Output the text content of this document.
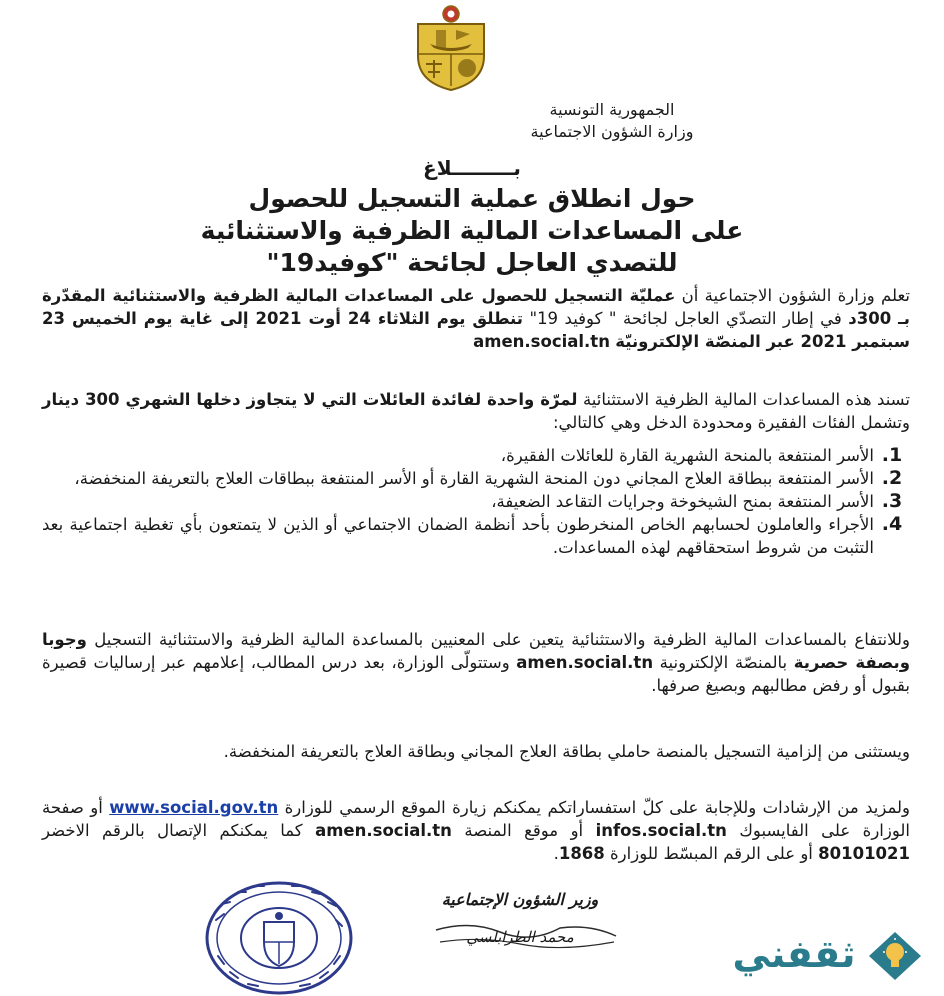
الجمهورية التونسية
وزارة الشؤون الاجتماعية
بـــــــــلاغ
حول انطلاق عملية التسجيل للحصول
على المساعدات المالية الظرفية والاستثنائية
للتصدي العاجل لجائحة "كوفيد19"
تعلم وزارة الشؤون الاجتماعية أن عمليّة التسجيل للحصول على المساعدات المالية الظرفية والاستثنائية المقدّرة بـ 300د في إطار التصدّي العاجل لجائحة " كوفيد 19" تنطلق يوم الثلاثاء 24 أوت 2021 إلى غاية يوم الخميس 23 سبتمبر 2021 عبر المنصّة الإلكترونيّة amen.social.tn
تسند هذه المساعدات المالية الظرفية الاستثنائية لمرّة واحدة لفائدة العائلات التي لا يتجاوز دخلها الشهري 300 دينار وتشمل الفئات الفقيرة ومحدودة الدخل وهي كالتالي:
1.
الأسر المنتفعة بالمنحة الشهرية القارة للعائلات الفقيرة،
2.
الأسر المنتفعة ببطاقة العلاج المجاني دون المنحة الشهرية القارة أو الأسر المنتفعة ببطاقات العلاج بالتعريفة المنخفضة،
3.
الأسر المنتفعة بمنح الشيخوخة وجرايات التقاعد الضعيفة،
4.
الأجراء والعاملون لحسابهم الخاص المنخرطون بأحد أنظمة الضمان الاجتماعي أو الذين لا يتمتعون بأي تغطية اجتماعية بعد التثبت من شروط استحقاقهم لهذه المساعدات.
وللانتفاع بالمساعدات المالية الظرفية والاستثنائية يتعين على المعنيين بالمساعدة المالية الظرفية والاستثنائية التسجيل وجوبا وبصفة حصرية بالمنصّة الإلكترونية amen.social.tn وستتولّى الوزارة، بعد درس المطالب، إعلامهم عبر إرساليات قصيرة بقبول أو رفض مطالبهم وبصيغ صرفها.
ويستثنى من إلزامية التسجيل بالمنصة حاملي بطاقة العلاج المجاني وبطاقة العلاج بالتعريفة المنخفضة.
ولمزيد من الإرشادات وللإجابة على كلّ استفساراتكم يمكنكم زيارة الموقع الرسمي للوزارة www.social.gov.tn أو صفحة الوزارة على الفايسبوك infos.social.tn أو موقع المنصة amen.social.tn كما يمكنكم الإتصال بالرقم الاخضر 80101021 أو على الرقم المبسّط للوزارة 1868.
وزير الشؤون الإجتماعية
محمد الطرابلسي	ثقفني
